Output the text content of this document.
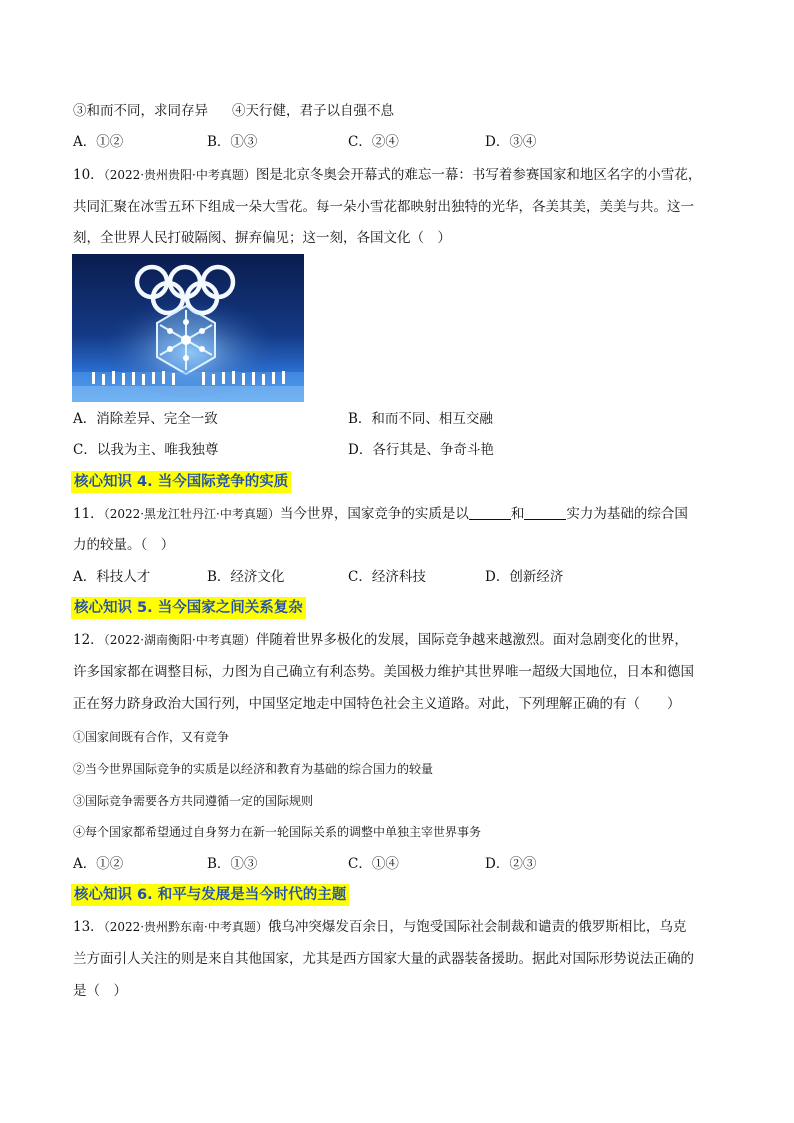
③和而不同，求同存异 ④天行健，君子以自强不息
A．①②	B．①③	C．②④	D．③④
10．（2022·贵州贵阳·中考真题）图是北京冬奥会开幕式的难忘一幕：书写着参赛国家和地区名字的小雪花，
共同汇聚在冰雪五环下组成一朵大雪花。每一朵小雪花都映射出独特的光华，各美其美，美美与共。这一
刻，全世界人民打破隔阂、摒弃偏见；这一刻，各国文化（　）
A．消除差异、完全一致	B．和而不同、相互交融
C．以我为主、唯我独尊	D．各行其是、争奇斗艳
核心知识 4. 当今国际竞争的实质
11．（2022·黑龙江牡丹江·中考真题）当今世界，国家竞争的实质是以	和	实力为基础的综合国
力的较量。（　）
A．科技人才	B．经济文化	C．经济科技	D．创新经济
核心知识 5. 当今国家之间关系复杂
12．（2022·湖南衡阳·中考真题）伴随着世界多极化的发展，国际竞争越来越激烈。面对急剧变化的世界，
许多国家都在调整目标，力图为自己确立有利态势。美国极力维护其世界唯一超级大国地位，日本和德国
正在努力跻身政治大国行列，中国坚定地走中国特色社会主义道路。对此，下列理解正确的有（　　）
①国家间既有合作，又有竞争
②当今世界国际竞争的实质是以经济和教育为基础的综合国力的较量
③国际竞争需要各方共同遵循一定的国际规则
④每个国家都希望通过自身努力在新一轮国际关系的调整中单独主宰世界事务
A．①②	B．①③	C．①④	D．②③
核心知识 6. 和平与发展是当今时代的主题
13．（2022·贵州黔东南·中考真题）俄乌冲突爆发百余日，与饱受国际社会制裁和谴责的俄罗斯相比，乌克
兰方面引人关注的则是来自其他国家，尤其是西方国家大量的武器装备援助。据此对国际形势说法正确的
是（　）
